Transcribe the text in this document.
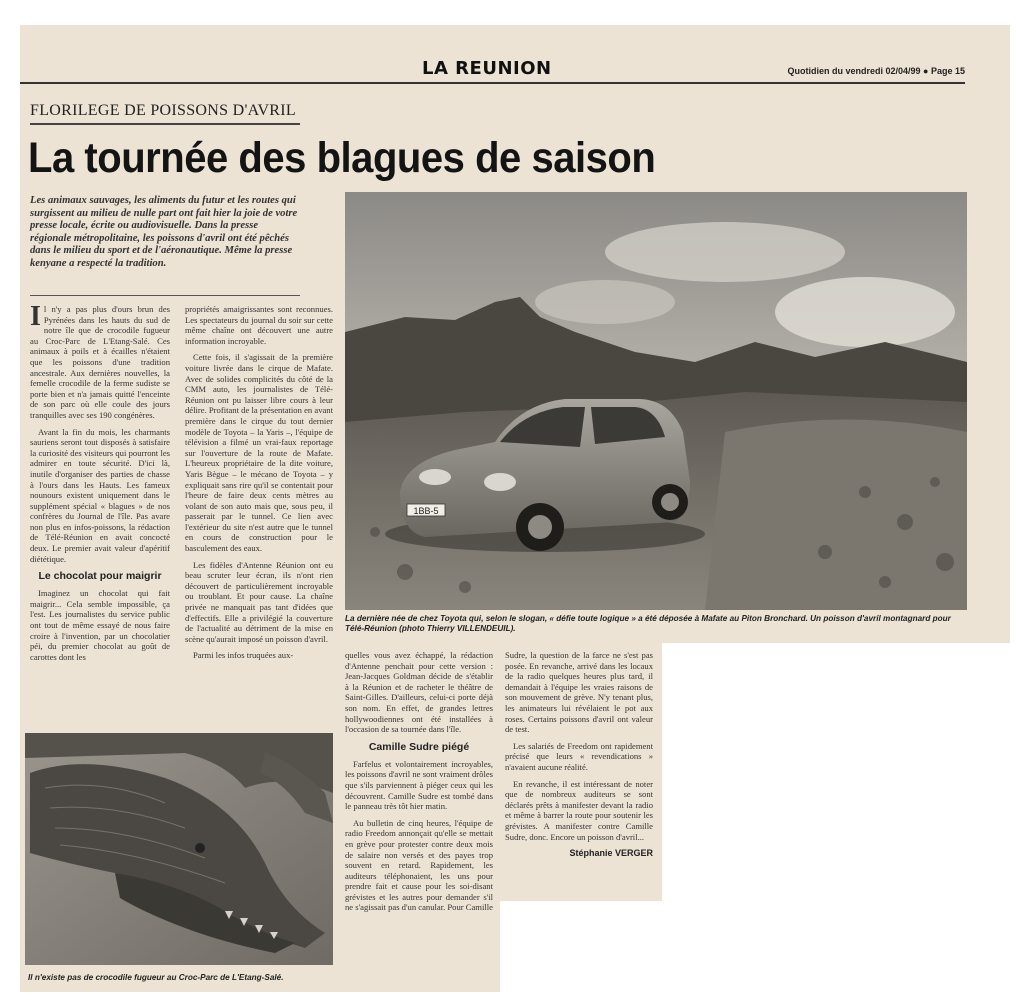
LA REUNION	Quotidien du vendredi 02/04/99 ● Page 15
FLORILEGE DE POISSONS D'AVRIL
La tournée des blagues de saison
Les animaux sauvages, les aliments du futur et les routes qui surgissent au milieu de nulle part ont fait hier la joie de votre presse locale, écrite ou audiovisuelle. Dans la presse régionale métropolitaine, les poissons d'avril ont été pêchés dans le milieu du sport et de l'aéronautique. Même la presse kenyane a respecté la tradition.
1BB-5
La dernière née de chez Toyota qui, selon le slogan, « défie toute logique » a été déposée à Mafate au Piton Bronchard. Un poisson d'avril montagnard pour Télé-Réunion (photo Thierry VILLENDEUIL).

Il n'y a pas plus d'ours brun des Pyrénées dans les hauts du sud de notre île que de crocodile fugueur au Croc-Parc de L'Etang-Salé. Ces animaux à poils et à écailles n'étaient que les poissons d'une tradition ancestrale. Aux dernières nouvelles, la femelle crocodile de la ferme sudiste se porte bien et n'a jamais quitté l'enceinte de son parc où elle coule des jours tranquilles avec ses 190 congénères.

Avant la fin du mois, les charmants sauriens seront tout disposés à satisfaire la curiosité des visiteurs qui pourront les admirer en toute sécurité. D'ici là, inutile d'organiser des parties de chasse à l'ours dans les Hauts. Les fameux nounours existent uniquement dans le supplément spécial « blagues » de nos confrères du Journal de l'île. Pas avare non plus en infos-poissons, la rédaction de Télé-Réunion en avait concocté deux. Le premier avait valeur d'apéritif diététique.

Le chocolat pour maigrir

Imaginez un chocolat qui fait maigrir... Cela semble impossible, ça l'est. Les journalistes du service public ont tout de même essayé de nous faire croire à l'invention, par un chocolatier péi, du premier chocolat au goût de carottes dont les

propriétés amaigrissantes sont reconnues. Les spectateurs du journal du soir sur cette même chaîne ont découvert une autre information incroyable.

Cette fois, il s'agissait de la première voiture livrée dans le cirque de Mafate. Avec de solides complicités du côté de la CMM auto, les journalistes de Télé-Réunion ont pu laisser libre cours à leur délire. Profitant de la présentation en avant première dans le cirque du tout dernier modèle de Toyota – la Yaris –, l'équipe de télévision a filmé un vrai-faux reportage sur l'ouverture de la route de Mafate. L'heureux propriétaire de la dite voiture, Yaris Bègue – le mécano de Toyota – y expliquait sans rire qu'il se contentait pour l'heure de faire deux cents mètres au volant de son auto mais que, sous peu, il passerait par le tunnel. Ce lien avec l'extérieur du site n'est autre que le tunnel en cours de construction pour le basculement des eaux.

Les fidèles d'Antenne Réunion ont eu beau scruter leur écran, ils n'ont rien découvert de particulièrement incroyable ou troublant. Et pour cause. La chaîne privée ne manquait pas tant d'idées que d'effectifs. Elle a privilégié la couverture de l'actualité au détriment de la mise en scène qu'aurait imposé un poisson d'avril.

Parmi les infos truquées aux-	quelles vous avez échappé, la rédaction d'Antenne penchait pour cette version : Jean-Jacques Goldman décide de s'établir à la Réunion et de racheter le théâtre de Saint-Gilles. D'ailleurs, celui-ci porte déjà son nom. En effet, de grandes lettres hollywoodiennes ont été installées à l'occasion de sa tournée dans l'île.

Camille Sudre piégé

Farfelus et volontairement incroyables, les poissons d'avril ne sont vraiment drôles que s'ils parviennent à piéger ceux qui les découvrent. Camille Sudre est tombé dans le panneau très tôt hier matin.

Au bulletin de cinq heures, l'équipe de radio Freedom annonçait qu'elle se mettait en grève pour protester contre deux mois de salaire non versés et des payes trop souvent en retard. Rapidement, les auditeurs téléphonaient, les uns pour prendre fait et cause pour les soi-disant grévistes et les autres pour demander s'il ne s'agissait pas d'un canular. Pour Camille

Sudre, la question de la farce ne s'est pas posée. En revanche, arrivé dans les locaux de la radio quelques heures plus tard, il demandait à l'équipe les vraies raisons de son mouvement de grève. N'y tenant plus, les animateurs lui révélaient le pot aux roses. Certains poissons d'avril ont valeur de test.

Les salariés de Freedom ont rapidement précisé que leurs « revendications » n'avaient aucune réalité.

En revanche, il est intéressant de noter que de nombreux auditeurs se sont déclarés prêts à manifester devant la radio et même à barrer la route pour soutenir les grévistes. A manifester contre Camille Sudre, donc. Encore un poisson d'avril...

Stéphanie VERGER
Il n'existe pas de crocodile fugueur au Croc-Parc de L'Etang-Salé.
